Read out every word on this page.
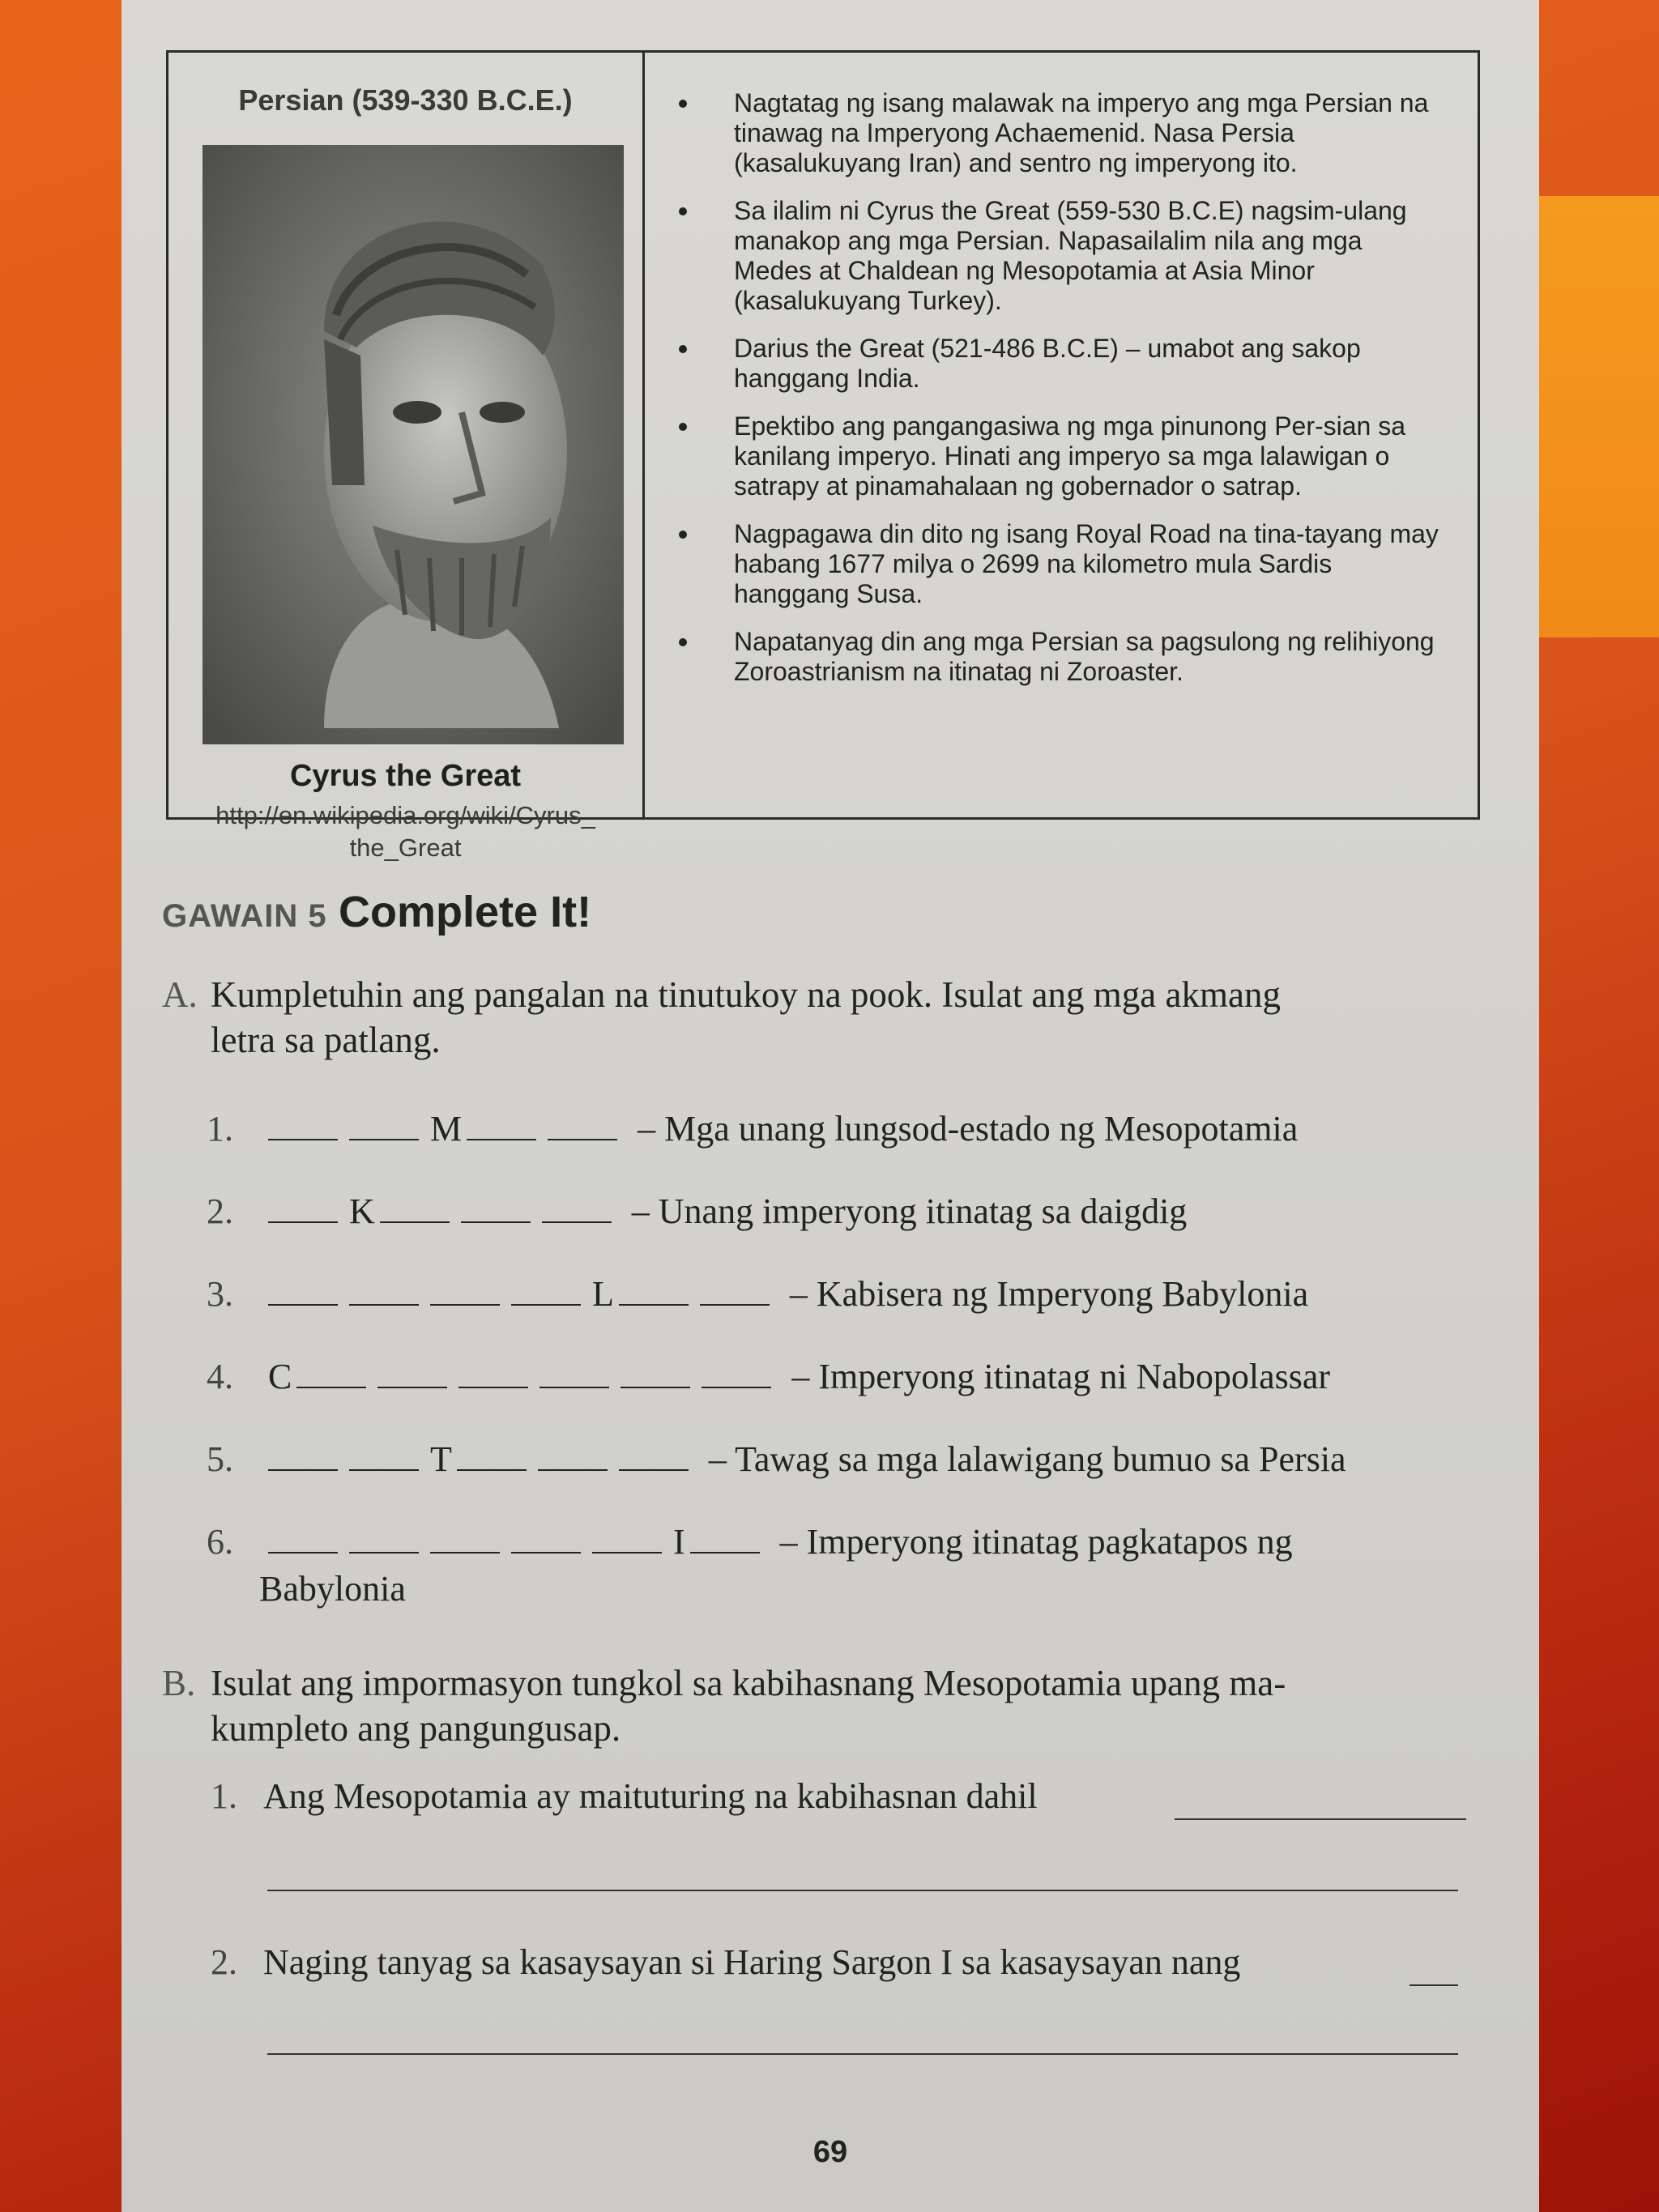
Persian (539-330 B.C.E.)
Cyrus the Great
http://en.wikipedia.org/wiki/Cyrus_
the_Great
Nagtatag ng isang malawak na imperyo ang mga Persian na tinawag na Imperyong Achaemenid. Nasa Persia (kasalukuyang Iran) and sentro ng imperyong ito.
Sa ilalim ni Cyrus the Great (559-530 B.C.E) nagsim-ulang manakop ang mga Persian. Napasailalim nila ang mga Medes at Chaldean ng Mesopotamia at Asia Minor (kasalukuyang Turkey).
Darius the Great (521-486 B.C.E) – umabot ang sakop hanggang India.
Epektibo ang pangangasiwa ng mga pinunong Per-sian sa kanilang imperyo. Hinati ang imperyo sa mga lalawigan o satrapy at pinamahalaan ng gobernador o satrap.
Nagpagawa din dito ng isang Royal Road na tina-tayang may habang 1677 milya o 2699 na kilometro mula Sardis hanggang Susa.
Napatanyag din ang mga Persian sa pagsulong ng relihiyong Zoroastrianism na itinatag ni Zoroaster.
GAWAIN 5 Complete It!
A. Kumpletuhin ang pangalan na tinutukoy na pook. Isulat ang mga akmang
letra sa patlang.
1.	M	– Mga unang lungsod-estado ng Mesopotamia
2.	K	– Unang imperyong itinatag sa daigdig
3.	L	– Kabisera ng Imperyong Babylonia
4. C	– Imperyong itinatag ni Nabopolassar
5.	T	– Tawag sa mga lalawigang bumuo sa Persia
6.	I	– Imperyong itinatag pagkatapos ng
Babylonia
B. Isulat ang impormasyon tungkol sa kabihasnang Mesopotamia upang ma-
kumpleto ang pangungusap.
1. Ang Mesopotamia ay maituturing na kabihasnan dahil
2. Naging tanyag sa kasaysayan si Haring Sargon I sa kasaysayan nang
69
